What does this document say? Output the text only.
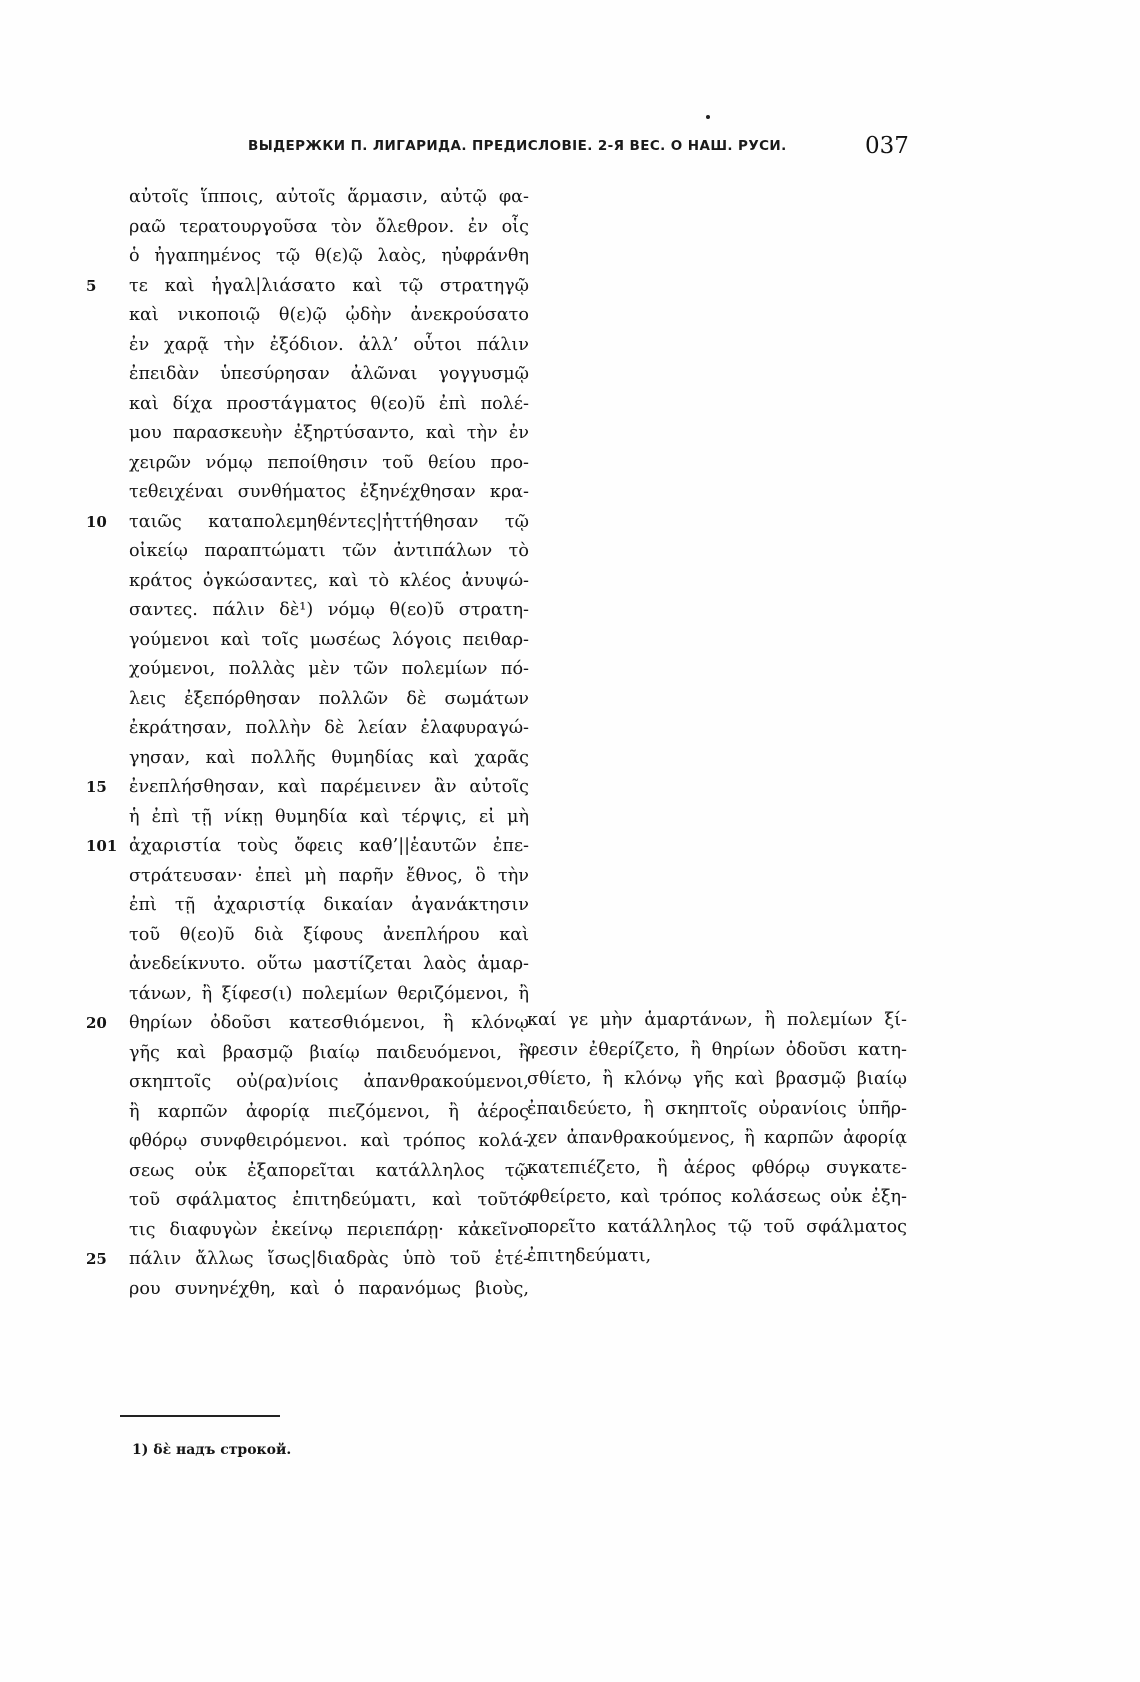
ВЫДЕРЖКИ П. ЛИГАРИДА. ПРЕДИСЛОВІЕ. 2-Я ВЕС. О НАШ. РУСИ.	037
αὐτοῖς ἵπποις, αὐτοῖς ἅρμασιν, αὐτῷ φα-
ραῶ τερατουργοῦσα τὸν ὄλεθρον. ἐν οἷς
ὁ ἠγαπημένος τῷ θ(ε)ῷ λαὸς, ηὐφράνθη
τε καὶ ἠγαλ|λιάσατο καὶ τῷ στρατηγῷ
καὶ νικοποιῷ θ(ε)ῷ ᾠδὴν ἀνεκρούσατο
ἐν χαρᾷ τὴν ἐξόδιον. ἀλλ’ οὗτοι πάλιν
ἐπειδὰν ὑπεσύρησαν ἀλῶναι γογγυσμῷ
καὶ δίχα προστάγματος θ(εο)ῦ ἐπὶ πολέ-
μου παρασκευὴν ἐξηρτύσαντο, καὶ τὴν ἐν
χειρῶν νόμῳ πεποίθησιν τοῦ θείου προ-
τεθειχέναι συνθήματος ἐξηνέχθησαν κρα-
ταιῶς καταπολεμηθέντες|ἡττήθησαν τῷ
οἰκείῳ παραπτώματι τῶν ἀντιπάλων τὸ
κράτος ὀγκώσαντες, καὶ τὸ κλέος ἀνυψώ-
σαντες. πάλιν δὲ¹) νόμῳ θ(εο)ῦ στρατη-
γούμενοι καὶ τοῖς μωσέως λόγοις πειθαρ-
χούμενοι, πολλὰς μὲν τῶν πολεμίων πό-
λεις ἐξεπόρθησαν πολλῶν δὲ σωμάτων
ἐκράτησαν, πολλὴν δὲ λείαν ἐλαφυραγώ-
γησαν, καὶ πολλῆς θυμηδίας καὶ χαρᾶς
ἐνεπλήσθησαν, καὶ παρέμεινεν ἂν αὐτοῖς
ἡ ἐπὶ τῇ νίκῃ θυμηδία καὶ τέρψις, εἰ μὴ
ἀχαριστία τοὺς ὄφεις καθ’||ἑαυτῶν ἐπε-
στράτευσαν· ἐπεὶ μὴ παρῆν ἔθνος, ὃ τὴν
ἐπὶ τῇ ἀχαριστίᾳ δικαίαν ἀγανάκτησιν
τοῦ θ(εο)ῦ διὰ ξίφους ἀνεπλήρου καὶ
ἀνεδείκνυτο. οὕτω μαστίζεται λαὸς ἁμαρ-
τάνων, ἢ ξίφεσ(ι) πολεμίων θεριζόμενοι, ἢ
θηρίων ὀδοῦσι κατεσθιόμενοι, ἢ κλόνῳ
γῆς καὶ βρασμῷ βιαίῳ παιδευόμενοι, ἢ
σκηπτοῖς οὐ(ρα)νίοις ἀπανθρακούμενοι,
ἢ καρπῶν ἀφορίᾳ πιεζόμενοι, ἢ ἀέρος
φθόρῳ συνφθειρόμενοι. καὶ τρόπος κολά-
σεως οὐκ ἐξαπορεῖται κατάλληλος τῷ
τοῦ σφάλματος ἐπιτηδεύματι, καὶ τοῦτό
τις διαφυγὼν ἐκείνῳ περιεπάρῃ· κἀκεῖνο
πάλιν ἄλλως ἴσως|διαδρὰς ὑπὸ τοῦ ἑτέ-
ρου συνηνέχθη, καὶ ὁ παρανόμως βιοὺς,
5
10
15
101
20
25
καί γε μὴν ἁμαρτάνων, ἢ πολεμίων ξί-
φεσιν ἐθερίζετο, ἢ θηρίων ὀδοῦσι κατη-
σθίετο, ἢ κλόνῳ γῆς καὶ βρασμῷ βιαίῳ
ἐπαιδεύετο, ἢ σκηπτοῖς οὐρανίοις ὑπῆρ-
χεν ἀπανθρακούμενος, ἢ καρπῶν ἀφορίᾳ
κατεπιέζετο, ἢ ἀέρος φθόρῳ συγκατε-
φθείρετο, καὶ τρόπος κολάσεως οὐκ ἐξη-
πορεῖτο κατάλληλος τῷ τοῦ σφάλματος
ἐπιτηδεύματι,
1) δὲ надъ строкой.
